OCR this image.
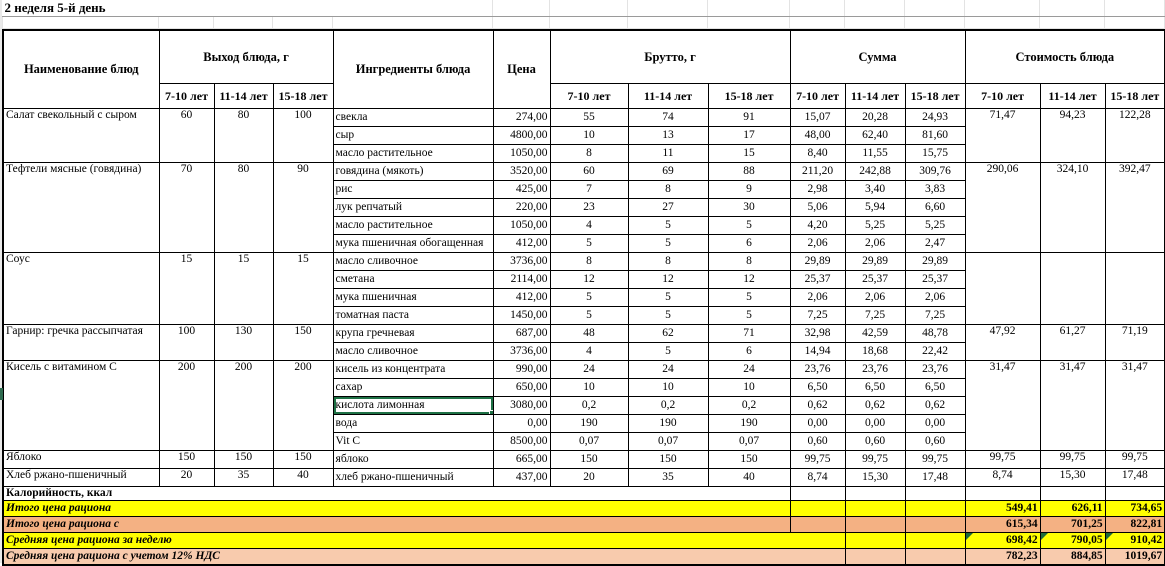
2 неделя 5-й день														

Наименование блюд	Выход блюда, г			Ингредиенты блюда	Цена	Брутто, г			Сумма			Стоимость блюда		
	7-10 лет	11-14 лет	15-18 лет			7-10 лет	11-14 лет	15-18 лет	7-10 лет	11-14 лет	15-18 лет	7-10 лет	11-14 лет	15-18 лет
Салат свекольный с сыром	60	80	100	свекла	274,00	55	74	91	15,07	20,28	24,93	71,47	94,23	122,28
				сыр	4800,00	10	13	17	48,00	62,40	81,60			
				масло растительное	1050,00	8	11	15	8,40	11,55	15,75			
Тефтели мясные (говядина)	70	80	90	говядина (мякоть)	3520,00	60	69	88	211,20	242,88	309,76	290,06	324,10	392,47
				рис	425,00	7	8	9	2,98	3,40	3,83			
				лук репчатый	220,00	23	27	30	5,06	5,94	6,60			
				масло растительное	1050,00	4	5	5	4,20	5,25	5,25			
				мука пшеничная обогащенная	412,00	5	5	6	2,06	2,06	2,47			
Соус	15	15	15	масло сливочное	3736,00	8	8	8	29,89	29,89	29,89			
				сметана	2114,00	12	12	12	25,37	25,37	25,37			
				мука пшеничная	412,00	5	5	5	2,06	2,06	2,06			
				томатная паста	1450,00	5	5	5	7,25	7,25	7,25			
Гарнир: гречка рассыпчатая	100	130	150	крупа гречневая	687,00	48	62	71	32,98	42,59	48,78	47,92	61,27	71,19
				масло сливочное	3736,00	4	5	6	14,94	18,68	22,42			
Кисель с витамином С	200	200	200	кисель из концентрата	990,00	24	24	24	23,76	23,76	23,76	31,47	31,47	31,47
				сахар	650,00	10	10	10	6,50	6,50	6,50			
				кислота лимонная	3080,00	0,2	0,2	0,2	0,62	0,62	0,62			
				вода	0,00	190	190	190	0,00	0,00	0,00			
				Vit C	8500,00	0,07	0,07	0,07	0,60	0,60	0,60			
Яблоко	150	150	150	яблоко	665,00	150	150	150	99,75	99,75	99,75	99,75	99,75	99,75
Хлеб ржано-пшеничный	20	35	40	хлеб ржано-пшеничный	437,00	20	35	40	8,74	15,30	17,48	8,74	15,30	17,48
Калорийность, ккал														
Итого цена рациона												549,41	626,11	734,65
Итого цена рациона с												615,34	701,25	822,81
Средняя цена рациона за неделю												698,42	790,05	910,42
Средняя цена рациона с учетом 12% НДС												782,23	884,85	1019,67
